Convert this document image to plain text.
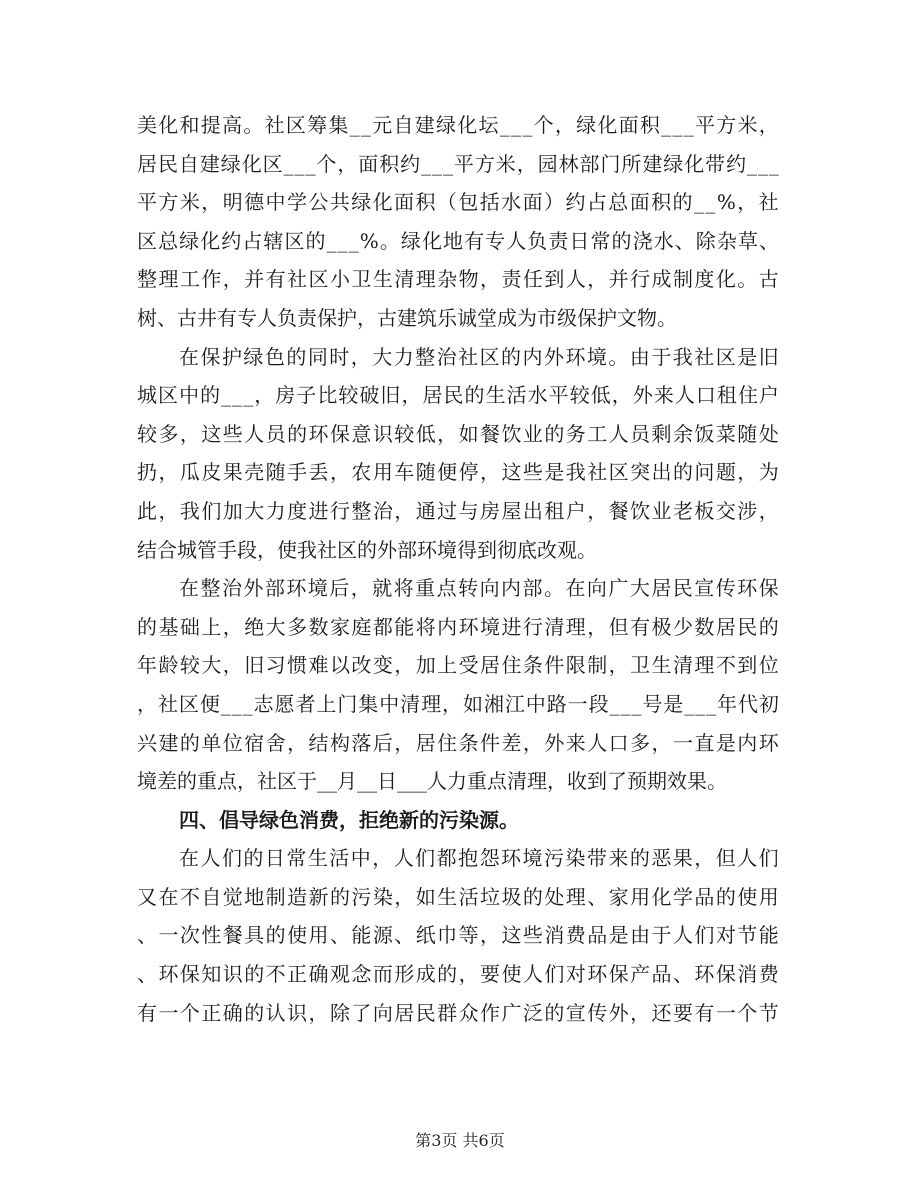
美 化 和 提 高 。 社 区 筹 集 _ _ 元 自 建 绿 化 坛 _ _ _ 个 ， 绿 化 面 积 _ _ _ 平 方 米 ，
居 民 自 建 绿 化 区 _ _ _ 个 ， 面 积 约 _ _ _ 平 方 米 ， 园 林 部 门 所 建 绿 化 带 约 _ _ _
平 方 米 ， 明 德 中 学 公 共 绿 化 面 积 （ 包 括 水 面 ） 约 占 总 面 积 的 _ _ % ， 社
区 总 绿 化 约 占 辖 区 的 _ _ _ % 。 绿 化 地 有 专 人 负 责 日 常 的 浇 水 、 除 杂 草 、
整 理 工 作 ， 并 有 社 区 小 卫 生 清 理 杂 物 ， 责 任 到 人 ， 并 行 成 制 度 化 。 古
树、古井有专人负责保护，古建筑乐诚堂成为市级保护文物。
在 保 护 绿 色 的 同 时 ， 大 力 整 治 社 区 的 内 外 环 境 。 由 于 我 社 区 是 旧
城 区 中 的 _ _ _ ， 房 子 比 较 破 旧 ， 居 民 的 生 活 水 平 较 低 ， 外 来 人 口 租 住 户
较 多 ， 这 些 人 员 的 环 保 意 识 较 低 ， 如 餐 饮 业 的 务 工 人 员 剩 余 饭 菜 随 处
扔 ， 瓜 皮 果 壳 随 手 丢 ， 农 用 车 随 便 停 ， 这 些 是 我 社 区 突 出 的 问 题 ， 为
此 ， 我 们 加 大 力 度 进 行 整 治 ， 通 过 与 房 屋 出 租 户 ， 餐 饮 业 老 板 交 涉 ，
结合城管手段，使我社区的外部环境得到彻底改观。
在 整 治 外 部 环 境 后 ， 就 将 重 点 转 向 内 部 。 在 向 广 大 居 民 宣 传 环 保
的 基 础 上 ， 绝 大 多 数 家 庭 都 能 将 内 环 境 进 行 清 理 ， 但 有 极 少 数 居 民 的
年 龄 较 大 ， 旧 习 惯 难 以 改 变 ， 加 上 受 居 住 条 件 限 制 ， 卫 生 清 理 不 到 位
， 社 区 便 _ _ _ 志 愿 者 上 门 集 中 清 理 ， 如 湘 江 中 路 一 段 _ _ _ 号 是 _ _ _ 年 代 初
兴 建 的 单 位 宿 舍 ， 结 构 落 后 ， 居 住 条 件 差 ， 外 来 人 口 多 ， 一 直 是 内 环
境差的重点，社区于__月__日___人力重点清理，收到了预期效果。
四、倡导绿色消费，拒绝新的污染源。
在 人 们 的 日 常 生 活 中 ， 人 们 都 抱 怨 环 境 污 染 带 来 的 恶 果 ， 但 人 们
又 在 不 自 觉 地 制 造 新 的 污 染 ， 如 生 活 垃 圾 的 处 理 、 家 用 化 学 品 的 使 用
、 一 次 性 餐 具 的 使 用 、 能 源 、 纸 巾 等 ， 这 些 消 费 品 是 由 于 人 们 对 节 能
、 环 保 知 识 的 不 正 确 观 念 而 形 成 的 ， 要 使 人 们 对 环 保 产 品 、 环 保 消 费
有 一 个 正 确 的 认 识 ， 除 了 向 居 民 群 众 作 广 泛 的 宣 传 外 ， 还 要 有 一 个 节
第3页 共6页
